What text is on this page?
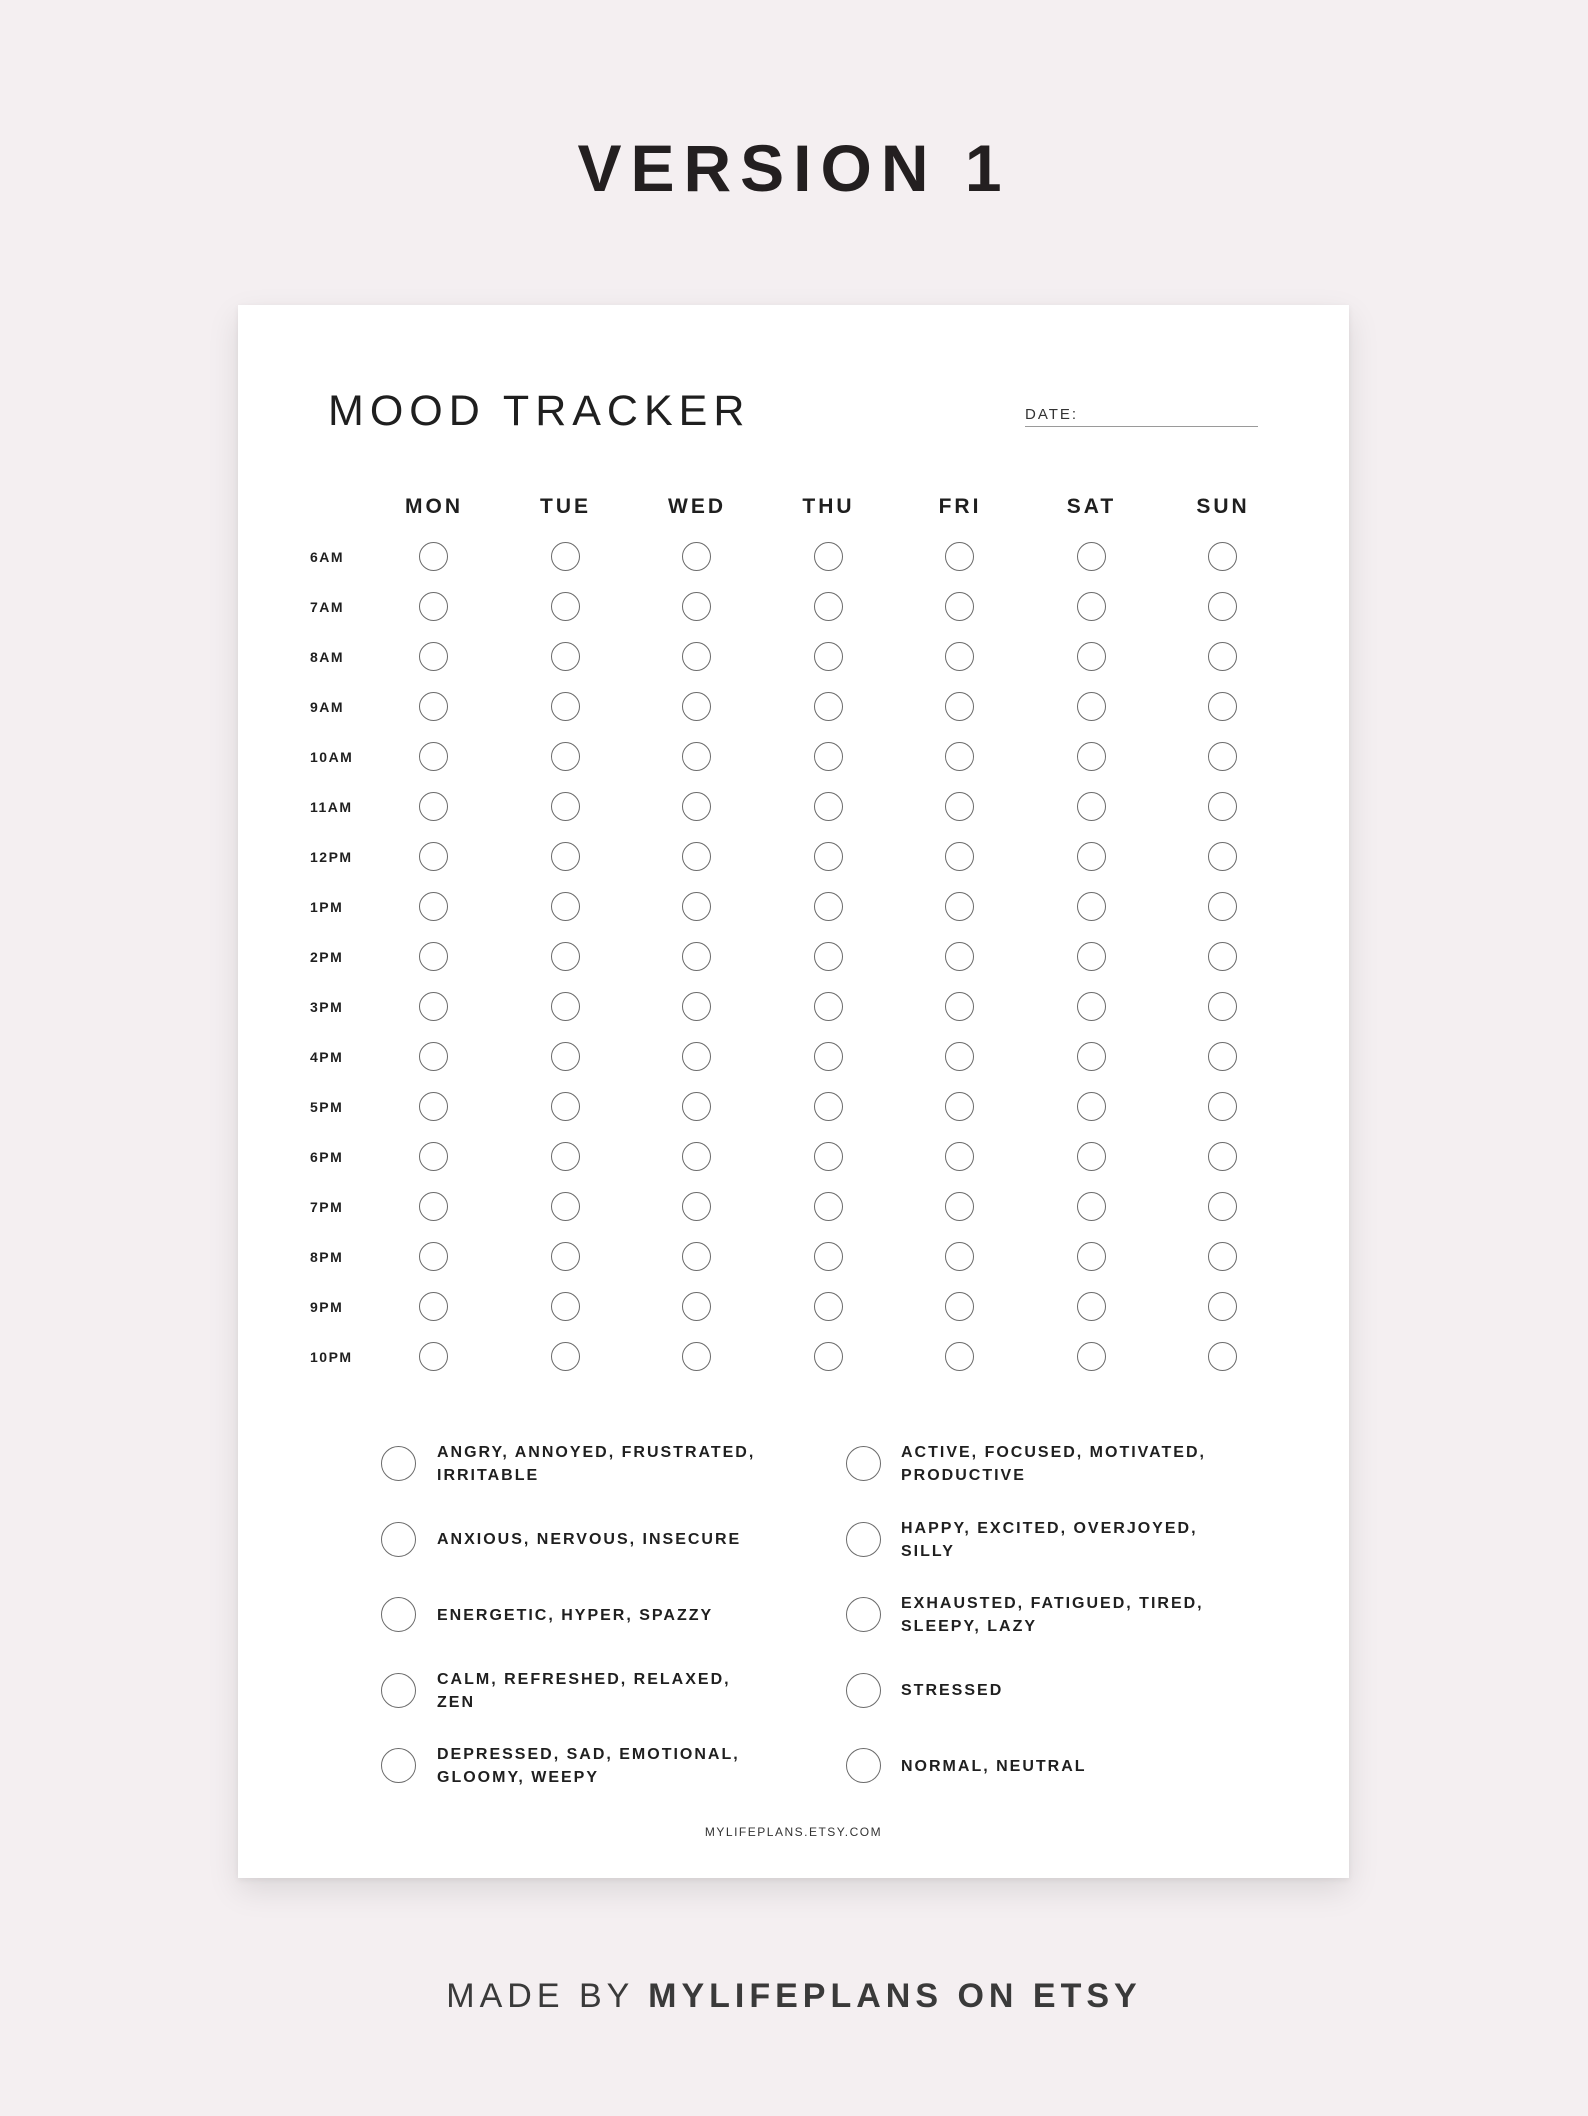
VERSION 1
MOOD TRACKER	DATE:
MON	TUE	WED	THU	FRI	SAT	SUN
6AM
7AM
8AM
9AM
10AM
11AM
12PM
1PM
2PM
3PM
4PM
5PM
6PM
7PM
8PM
9PM
10PM
ANGRY, ANNOYED, FRUSTRATED,
IRRITABLE
ANXIOUS, NERVOUS, INSECURE
ENERGETIC, HYPER, SPAZZY
CALM, REFRESHED, RELAXED,
ZEN
DEPRESSED, SAD, EMOTIONAL,
GLOOMY, WEEPY
ACTIVE, FOCUSED, MOTIVATED,
PRODUCTIVE
HAPPY, EXCITED, OVERJOYED,
SILLY
EXHAUSTED, FATIGUED, TIRED,
SLEEPY, LAZY
STRESSED
NORMAL, NEUTRAL
MYLIFEPLANS.ETSY.COM
MADE BY MYLIFEPLANS ON ETSY
